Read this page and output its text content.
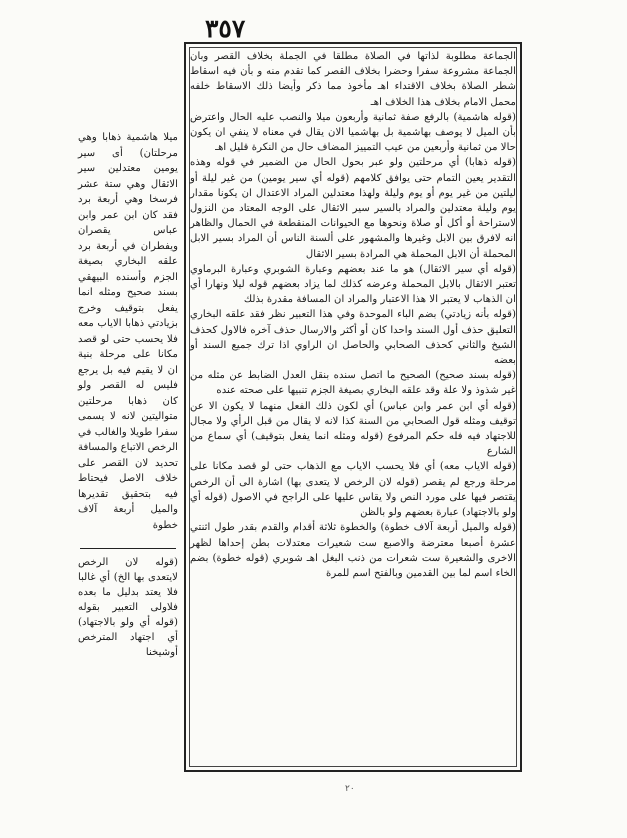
٣٥٧

الجماعة مطلوبة لذاتها في الصلاة مطلقا في الجملة بخلاف القصر وبان الجماعة مشروعة سفرا وحضرا بخلاف القصر كما تقدم منه و بأن فيه اسقاط شطر الصلاة بخلاف الاقتداء اهـ مأخوذ مما ذكر وأيضا ذلك الاسقاط خلفه محمل الامام بخلاف هذا الخلاف اهـ

(قوله هاشمية) بالرفع صفة ثمانية وأربعون ميلا والنصب عليه الحال واعترض بأن الميل لا يوصف بهاشمية بل بهاشميا الان يقال في معناه لا ينفي ان يكون حالا من ثمانية وأربعين من عيب التمييز المضاف حال من النكرة قليل اهـ

(قوله ذهابا) أي مرحلتين ولو عبر بحول الحال من الضمير في قوله وهذه التقدير يعين التمام حتى يوافق كلامهم (قوله أي سير يومين) من غير ليلة أو ليلتين من غير يوم أو يوم وليلة ولهذا معتدلين المراد الاعتدال ان يكونا مقدار يوم وليلة معتدلين والمراد بالسير سير الاثقال على الوجه المعتاد من النزول لاستراحة أو أكل أو صلاة ونحوها مع الحيوانات المنقطعة في الحمال والظاهر انه لافرق بين الابل وغيرها والمشهور على ألسنة الناس أن المراد بسير الابل المحملة أن الابل المحملة هي المرادة بسير الاثقال

(قوله أي سير الاثقال) هو ما عند بعضهم وعبارة الشوبري وعبارة البرماوي تعتبر الاثقال بالابل المحملة وعرضه كذلك لما يزاد بعضهم قوله ليلا ونهارا أي ان الذهاب لا يعتبر الا هذا الاعتبار والمراد ان المسافة مقدرة بذلك

(قوله بأنه زيادتي) بضم الباء الموحدة وفي هذا التعبير نظر فقد علقه البخاري التعليق حذف أول السند واحدا كان أو أكثر والارسال حذف آخره فالاول كحذف الشيخ والثاني كحذف الصحابي والحاصل ان الراوي اذا ترك جميع السند أو بعضه

(قوله بسند صحيح) الصحيح ما اتصل سنده بنقل العدل الضابط عن مثله من غير شذوذ ولا علة وقد علقه البخاري بصيغة الجزم تنبيها على صحته عنده

(قوله أي ابن عمر وابن عباس) أي لكون ذلك الفعل منهما لا يكون الا عن توقيف ومثله قول الصحابي من السنة كذا لانه لا يقال من قبل الرأي ولا مجال للاجتهاد فيه فله حكم المرفوع (قوله ومثله انما يفعل بتوقيف) أي سماع من الشارع

(قوله الاياب معه) أي فلا يحسب الاياب مع الذهاب حتى لو قصد مكانا على مرحلة ورجع لم يقصر (قوله لان الرخص لا يتعدى بها) اشارة الى أن الرخص يقتصر فيها على مورد النص ولا يقاس عليها على الراجح في الاصول (قوله أي ولو بالاجتهاد) عبارة بعضهم ولو بالظن

(قوله والميل أربعة آلاف خطوة) والخطوة ثلاثة أقدام والقدم بقدر طول اثنتي عشرة أصبعا معترضة والاصبع ست شعيرات معتدلات بطن إحداها لظهر الاخرى والشعيرة ست شعرات من ذنب البغل اهـ شوبري (قوله خطوة) بضم الخاء اسم لما بين القدمين وبالفتح اسم للمرة

ميلا هاشمية ذهابا وهي مرحلتان) أى سير يومين معتدلين سير الاثقال وهي ستة عشر فرسخا وهي أربعة برد فقد كان ابن عمر وابن عباس يقصران ويفطران في أربعة برد علقه البخاري بصيغة الجزم وأسنده البيهقي بسند صحيح ومثله انما يفعل بتوقيف وخرج بزيادتي ذهابا الاياب معه فلا يحسب حتى لو قصد مكانا على مرحلة بنية ان لا يقيم فيه بل يرجع فليس له القصر ولو كان ذهابا مرحلتين متواليتين لانه لا يسمى سفرا طويلا والغالب في الرخص الاتباع والمسافة تحديد لان القصر على خلاف الاصل فيحتاط فيه بتحقيق تقديرها والميل أربعة آلاف خطوة

(قوله لان الرخص لايتعدى بها الخ) أي غالبا فلا يعتد بدليل ما بعده فلاولى التعبير بقوله (قوله أي ولو بالاجتهاد) أي اجتهاد المترخص أوشيخنا

٢٠
